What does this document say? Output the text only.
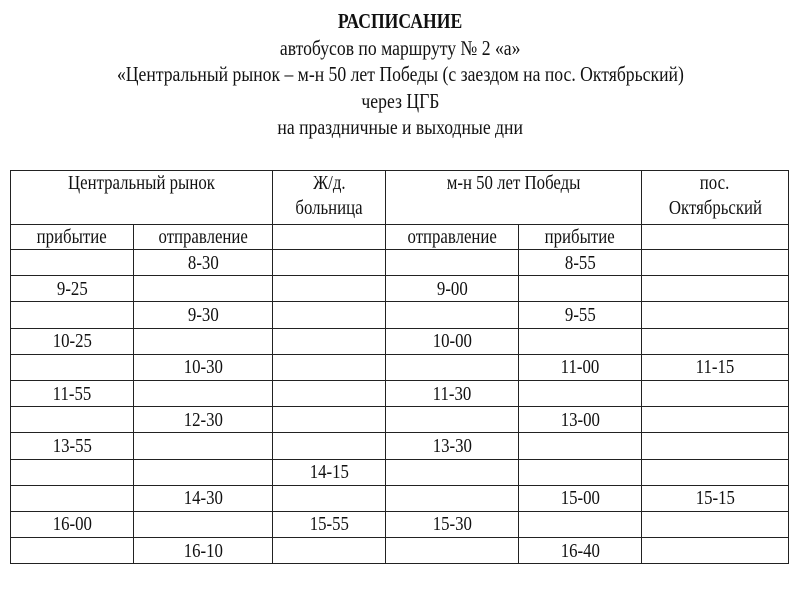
РАСПИСАНИЕ
автобусов по маршруту № 2 «а»
«Центральный рынок – м-н 50 лет Победы (с заездом на пос. Октябрьский)
через ЦГБ
на праздничные и выходные дни
Центральный рынок		Ж/д.
больница	м-н 50 лет Победы		пос.
Октябрьский
прибытие	отправление		отправление	прибытие	
	8-30			8-55	
9-25			9-00		
	9-30			9-55	
10-25			10-00		
	10-30			11-00	11-15
11-55			11-30		
	12-30			13-00	
13-55			13-30		
		14-15			
	14-30			15-00	15-15
16-00		15-55	15-30		
	16-10			16-40	
